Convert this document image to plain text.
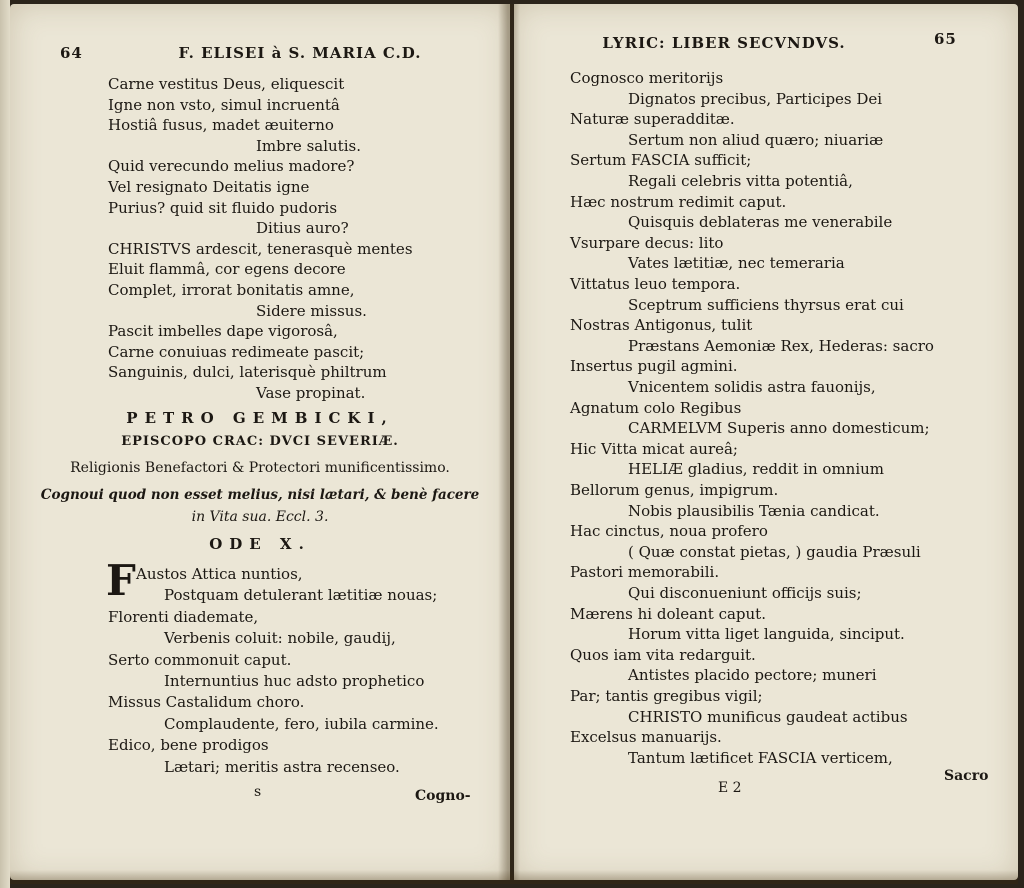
64	F. ELISEI à S. MARIA C.D.
Carne vestitus Deus, eliquescit
Igne non vsto, simul incruentâ
Hostiâ fusus, madet æuiterno
Imbre salutis.
Quid verecundo melius madore?
Vel resignato Deitatis igne
Purius? quid sit fluido pudoris
Ditius auro?
CHRISTVS ardescit, tenerasquè mentes
Eluit flammâ, cor egens decore
Complet, irrorat bonitatis amne,
Sidere missus.
Pascit imbelles dape vigorosâ,
Carne conuiuas redimeate pascit;
Sanguinis, dulci, laterisquè philtrum
Vase propinat.
PETRO GEMBICKI,
EPISCOPO CRAC: DVCI SEVERIÆ.
Religionis Benefactori & Protectori munificentissimo.
Cognoui quod non esset melius, nisi lætari, & benè facere
in Vita sua. Eccl. 3.
ODE X.
F Austos Attica nuntios,
Postquam detulerant lætitiæ nouas;
Florenti diademate,
Verbenis coluit: nobile, gaudij,
Serto commonuit caput.
Internuntius huc adsto prophetico
Missus Castalidum choro.
Complaudente, fero, iubila carmine.
Edico, bene prodigos
Lætari; meritis astra recenseo.
s	Cogno-
LYRIC: LIBER SECVNDVS.	65
Cognosco meritorijs
Dignatos precibus, Participes Dei
Naturæ superadditæ.
Sertum non aliud quæro; niuariæ
Sertum FASCIA sufficit;
Regali celebris vitta potentiâ,
Hæc nostrum redimit caput.
Quisquis deblateras me venerabile
Vsurpare decus: lito
Vates lætitiæ, nec temeraria
Vittatus leuo tempora.
Sceptrum sufficiens thyrsus erat cui
Nostras Antigonus, tulit
Præstans Aemoniæ Rex, Hederas: sacro
Insertus pugil agmini.
Vnicentem solidis astra fauonijs,
Agnatum colo Regibus
CARMELVM Superis anno domesticum;
Hic Vitta micat aureâ;
HELIÆ gladius, reddit in omnium
Bellorum genus, impigrum.
Nobis plausibilis Tænia candicat.
Hac cinctus, noua profero
( Quæ constat pietas, ) gaudia Præsuli
Pastori memorabili.
Qui disconueniunt officijs suis;
Mærens hi doleant caput.
Horum vitta liget languida, sinciput.
Quos iam vita redarguit.
Antistes placido pectore; muneri
Par; tantis gregibus vigil;
CHRISTO munificus gaudeat actibus
Excelsus manuarijs.
Tantum lætificet FASCIA verticem,
E 2
Sacro
